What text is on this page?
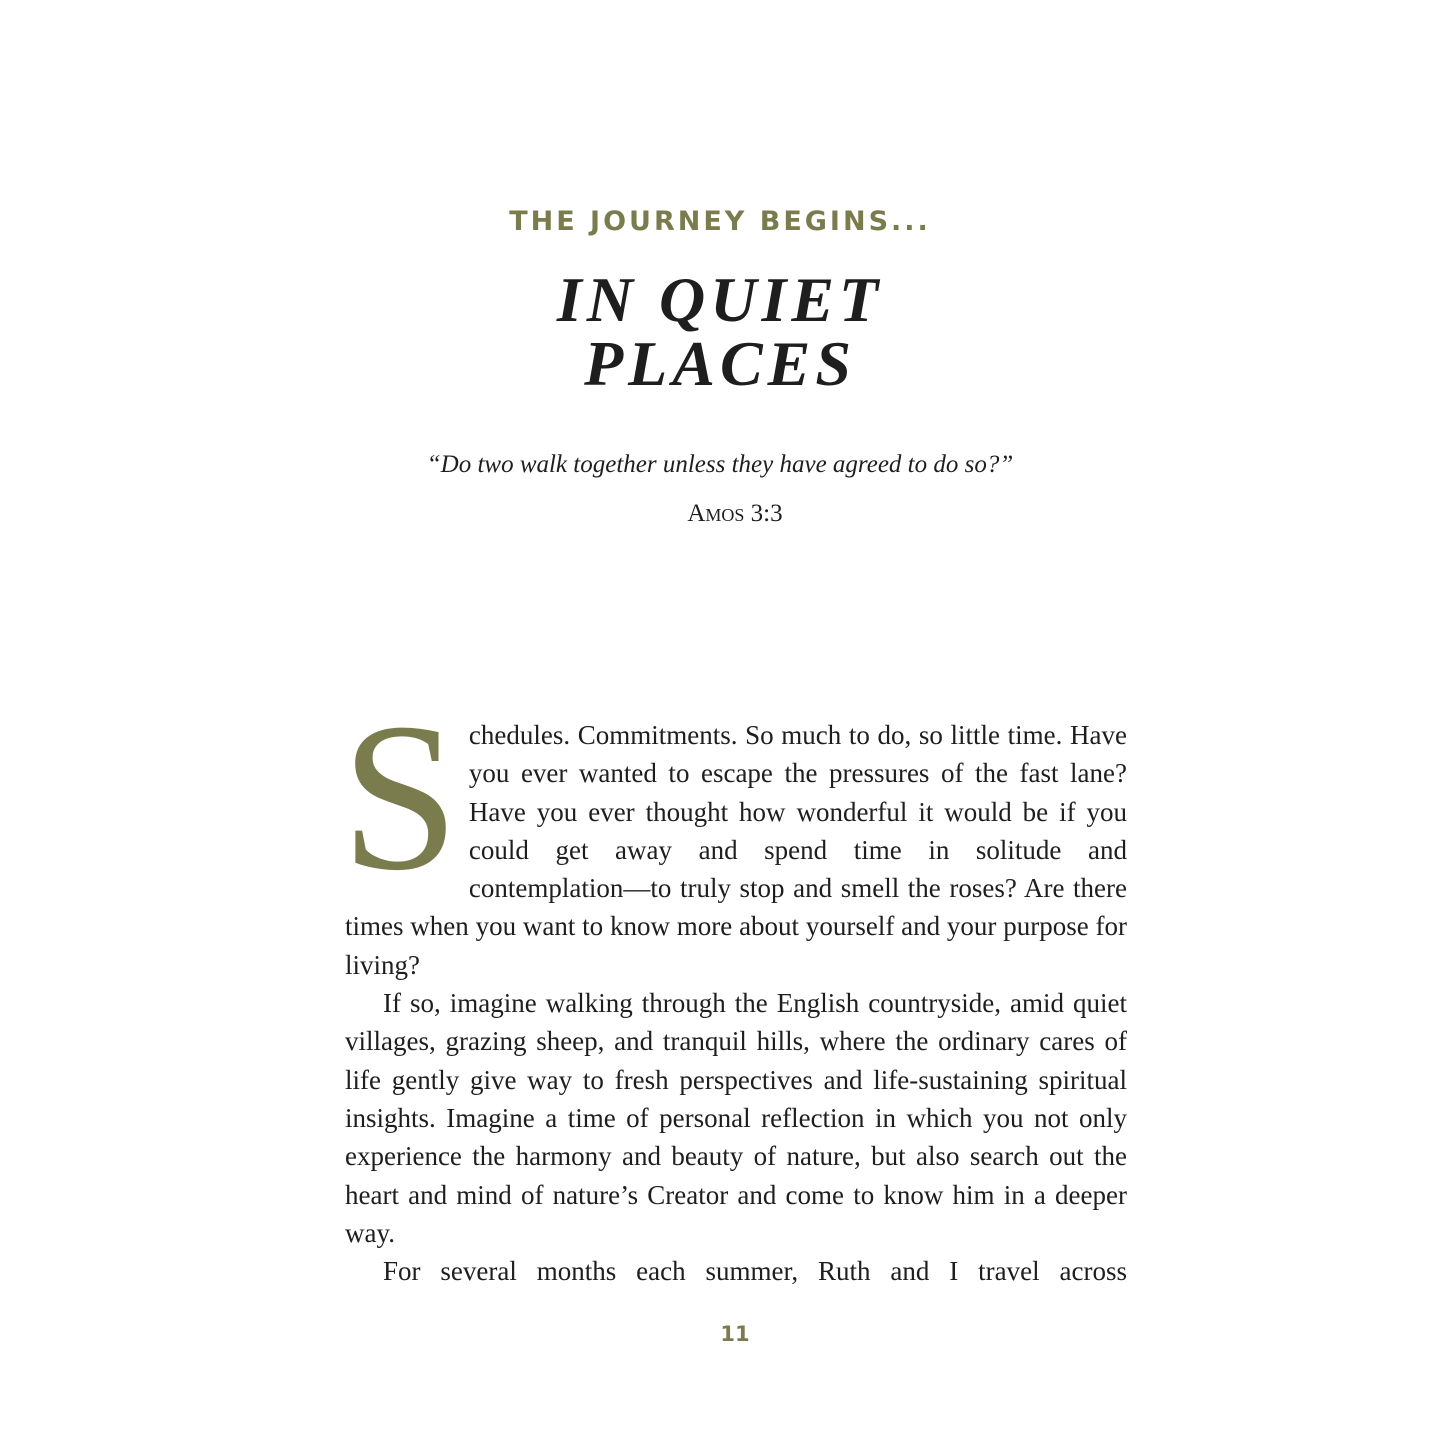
THE JOURNEY BEGINS...
IN QUIET
PLACES
“Do two walk together unless they have agreed to do so?”
Amos 3:3

Schedules. Commitments. So much to do, so little time. Have you ever wanted to escape the pressures of the fast lane? Have you ever thought how wonderful it would be if you could get away and spend time in solitude and contemplation—to truly stop and smell the roses? Are there times when you want to know more about yourself and your purpose for living?

If so, imagine walking through the English countryside, amid quiet villages, grazing sheep, and tranquil hills, where the ordinary cares of life gently give way to fresh perspectives and life-sustaining spiritual insights. Imagine a time of personal reflection in which you not only experience the harmony and beauty of nature, but also search out the heart and mind of nature’s Creator and come to know him in a deeper way.

For several months each summer, Ruth and I travel across

11
